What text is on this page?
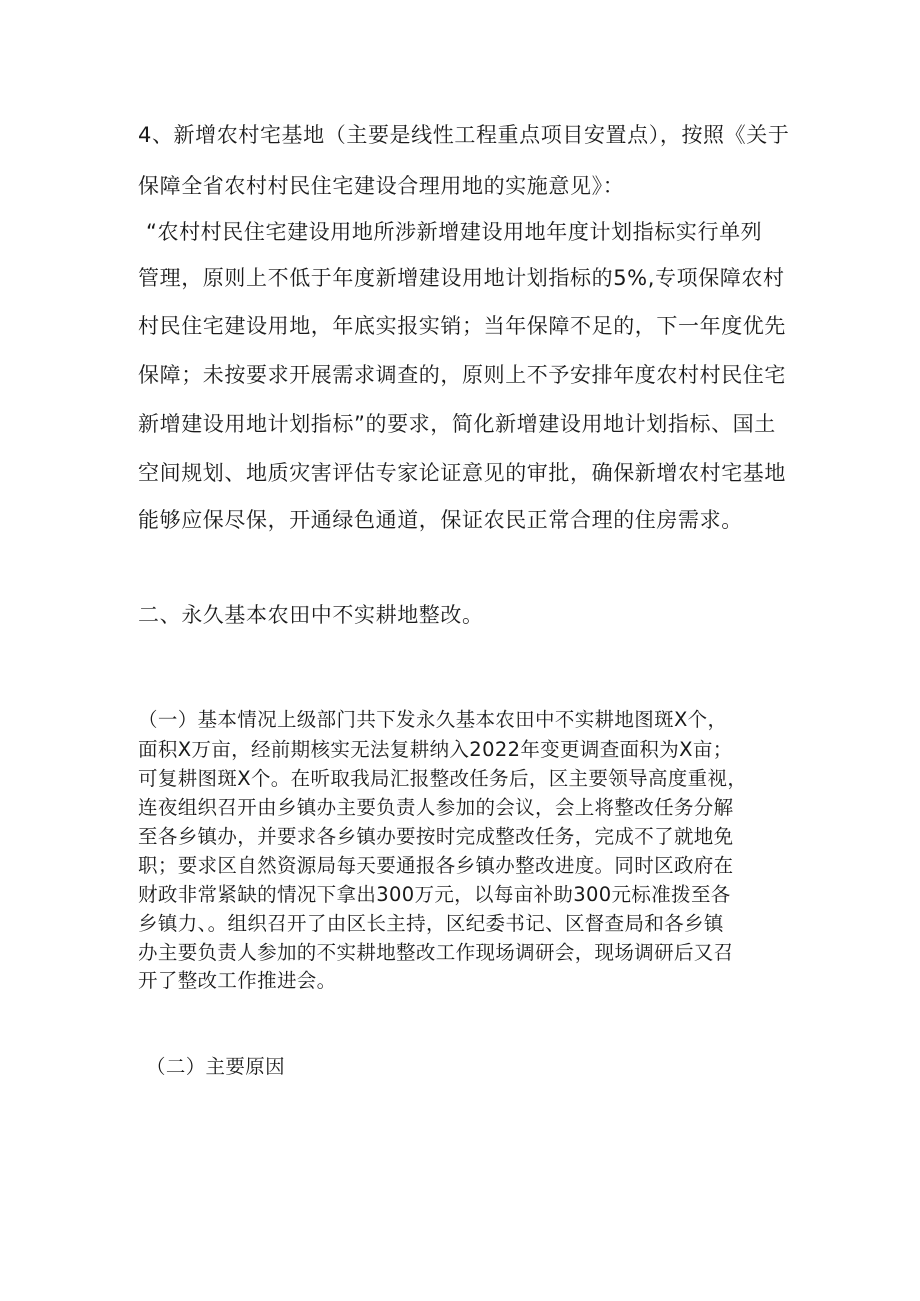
4、新增农村宅基地（主要是线性工程重点项目安置点），按照《关于
保障全省农村村民住宅建设合理用地的实施意见》：
“农村村民住宅建设用地所涉新增建设用地年度计划指标实行单列
管理，原则上不低于年度新增建设用地计划指标的5%,专项保障农村
村民住宅建设用地，年底实报实销；当年保障不足的，下一年度优先
保障；未按要求开展需求调查的，原则上不予安排年度农村村民住宅
新增建设用地计划指标”的要求，简化新增建设用地计划指标、国土
空间规划、地质灾害评估专家论证意见的审批，确保新增农村宅基地
能够应保尽保，开通绿色通道，保证农民正常合理的住房需求。
二、永久基本农田中不实耕地整改。
（一）基本情况上级部门共下发永久基本农田中不实耕地图斑X个，
面积X万亩，经前期核实无法复耕纳入2022年变更调查面积为X亩；
可复耕图斑X个。在听取我局汇报整改任务后，区主要领导高度重视，
连夜组织召开由乡镇办主要负责人参加的会议，会上将整改任务分解
至各乡镇办，并要求各乡镇办要按时完成整改任务，完成不了就地免
职；要求区自然资源局每天要通报各乡镇办整改进度。同时区政府在
财政非常紧缺的情况下拿出300万元，以每亩补助300元标准拨至各
乡镇力、。组织召开了由区长主持，区纪委书记、区督查局和各乡镇
办主要负责人参加的不实耕地整改工作现场调研会，现场调研后又召
开了整改工作推进会。
（二）主要原因
